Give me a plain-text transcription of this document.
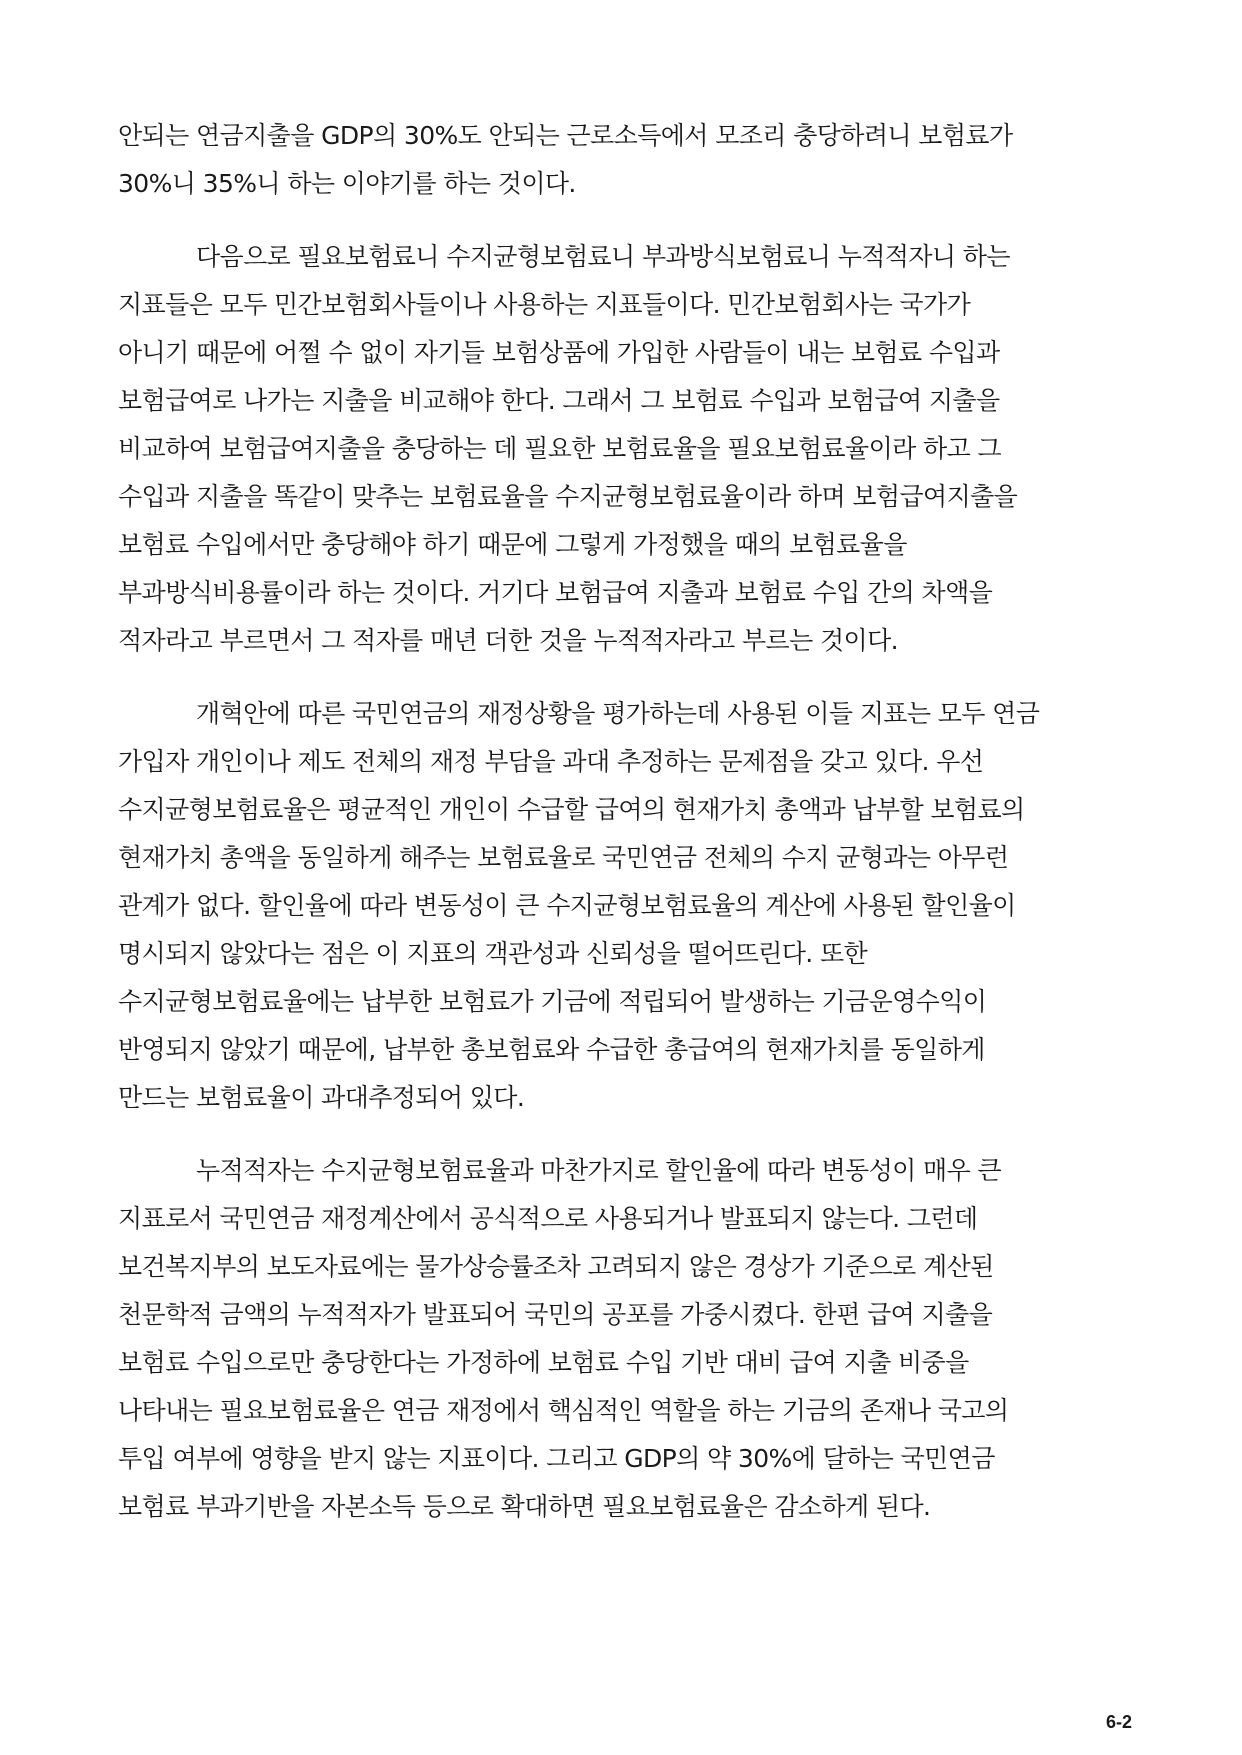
안되는 연금지출을 GDP의 30%도 안되는 근로소득에서 모조리 충당하려니 보험료가
30%니 35%니 하는 이야기를 하는 것이다.

다음으로 필요보험료니 수지균형보험료니 부과방식보험료니 누적적자니 하는
지표들은 모두 민간보험회사들이나 사용하는 지표들이다. 민간보험회사는 국가가
아니기 때문에 어쩔 수 없이 자기들 보험상품에 가입한 사람들이 내는 보험료 수입과
보험급여로 나가는 지출을 비교해야 한다. 그래서 그 보험료 수입과 보험급여 지출을
비교하여 보험급여지출을 충당하는 데 필요한 보험료율을 필요보험료율이라 하고 그
수입과 지출을 똑같이 맞추는 보험료율을 수지균형보험료율이라 하며 보험급여지출을
보험료 수입에서만 충당해야 하기 때문에 그렇게 가정했을 때의 보험료율을
부과방식비용률이라 하는 것이다. 거기다 보험급여 지출과 보험료 수입 간의 차액을
적자라고 부르면서 그 적자를 매년 더한 것을 누적적자라고 부르는 것이다.

개혁안에 따른 국민연금의 재정상황을 평가하는데 사용된 이들 지표는 모두 연금
가입자 개인이나 제도 전체의 재정 부담을 과대 추정하는 문제점을 갖고 있다. 우선
수지균형보험료율은 평균적인 개인이 수급할 급여의 현재가치 총액과 납부할 보험료의
현재가치 총액을 동일하게 해주는 보험료율로 국민연금 전체의 수지 균형과는 아무런
관계가 없다. 할인율에 따라 변동성이 큰 수지균형보험료율의 계산에 사용된 할인율이
명시되지 않았다는 점은 이 지표의 객관성과 신뢰성을 떨어뜨린다. 또한
수지균형보험료율에는 납부한 보험료가 기금에 적립되어 발생하는 기금운영수익이
반영되지 않았기 때문에, 납부한 총보험료와 수급한 총급여의 현재가치를 동일하게
만드는 보험료율이 과대추정되어 있다.

누적적자는 수지균형보험료율과 마찬가지로 할인율에 따라 변동성이 매우 큰
지표로서 국민연금 재정계산에서 공식적으로 사용되거나 발표되지 않는다. 그런데
보건복지부의 보도자료에는 물가상승률조차 고려되지 않은 경상가 기준으로 계산된
천문학적 금액의 누적적자가 발표되어 국민의 공포를 가중시켰다. 한편 급여 지출을
보험료 수입으로만 충당한다는 가정하에 보험료 수입 기반 대비 급여 지출 비중을
나타내는 필요보험료율은 연금 재정에서 핵심적인 역할을 하는 기금의 존재나 국고의
투입 여부에 영향을 받지 않는 지표이다. 그리고 GDP의 약 30%에 달하는 국민연금
보험료 부과기반을 자본소득 등으로 확대하면 필요보험료율은 감소하게 된다.

6-2
